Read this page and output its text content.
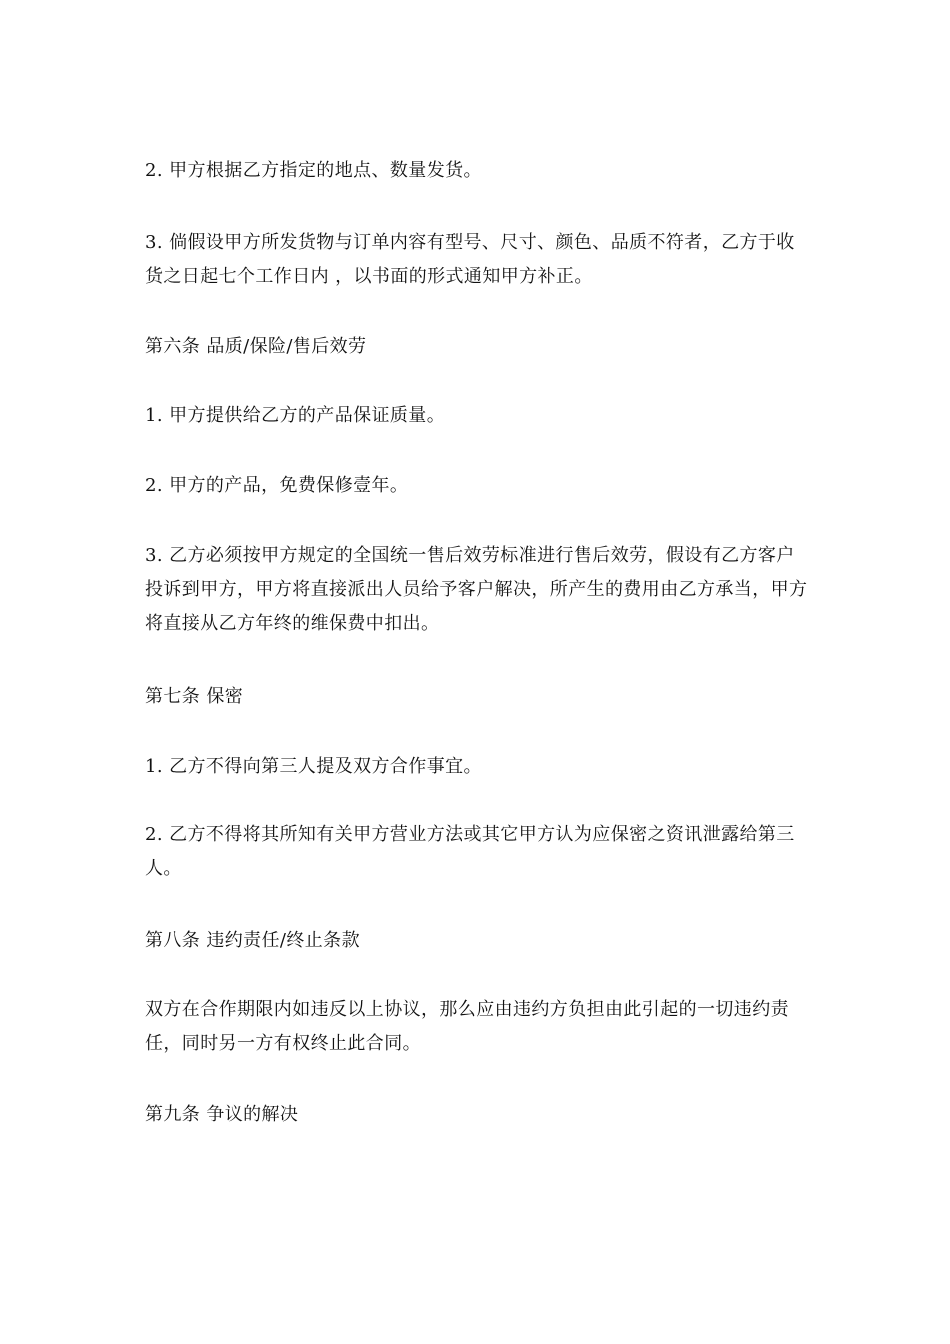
2. 甲方根据乙方指定的地点、数量发货。

3. 倘假设甲方所发货物与订单内容有型号、尺寸、颜色、品质不符者，乙方于收货之日起七个工作日内 ，以书面的形式通知甲方补正。

第六条 品质/保险/售后效劳

1. 甲方提供给乙方的产品保证质量。

2. 甲方的产品，免费保修壹年。

3. 乙方必须按甲方规定的全国统一售后效劳标准进行售后效劳，假设有乙方客户投诉到甲方，甲方将直接派出人员给予客户解决，所产生的费用由乙方承当，甲方将直接从乙方年终的维保费中扣出。

第七条 保密

1. 乙方不得向第三人提及双方合作事宜。

2. 乙方不得将其所知有关甲方营业方法或其它甲方认为应保密之资讯泄露给第三人。

第八条 违约责任/终止条款

双方在合作期限内如违反以上协议，那么应由违约方负担由此引起的一切违约责任，同时另一方有权终止此合同。

第九条 争议的解决
